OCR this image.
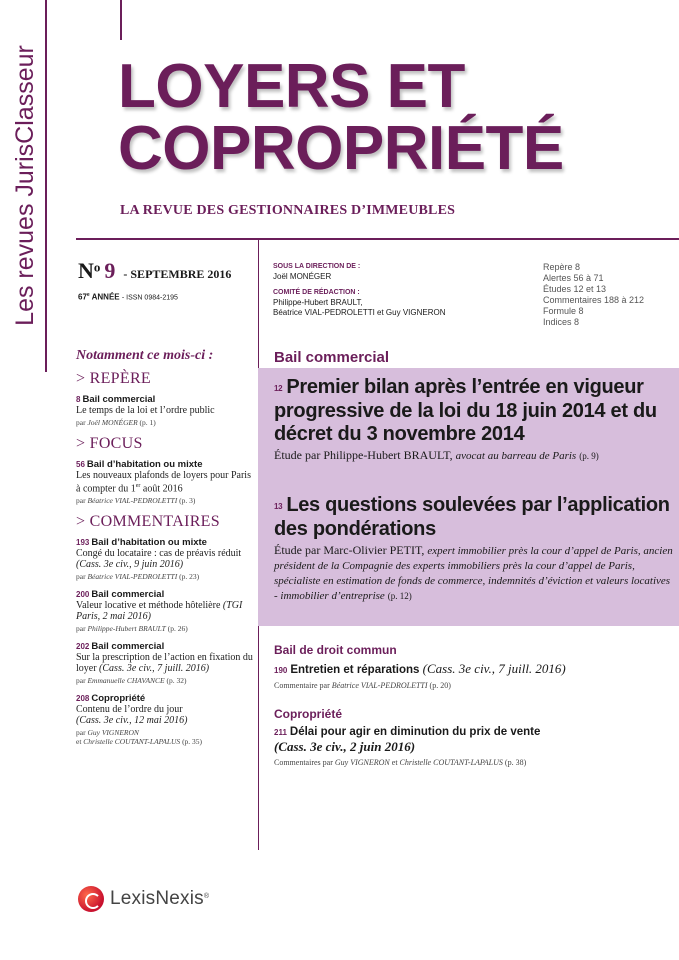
Les revues JurisClasseur LOYERS ET
COPROPRIÉTÉ
LA REVUE DES GESTIONNAIRES D’IMMEUBLES
$N^o$ 9 - SEPTEMBRE 2016
67e ANNÉE - ISSN 0984-2195
SOUS LA DIRECTION DE :
Joël MONÉGER
COMITÉ DE RÉDACTION :
Philippe-Hubert BRAULT,
Béatrice VIAL-PEDROLETTI et Guy VIGNERON
Repère 8
Alertes 56 à 71
Études 12 et 13
Commentaires 188 à 212
Formule 8
Indices 8
Notamment ce mois-ci :
> REPÈRE
8 Bail commercial
Le temps de la loi et l’ordre public
par Joël MONÉGER (p. 1)
> FOCUS
56 Bail d’habitation ou mixte
Les nouveaux plafonds de loyers pour Paris à compter du 1er août 2016
par Béatrice VIAL-PEDROLETTI (p. 3)
> COMMENTAIRES
193 Bail d’habitation ou mixte
Congé du locataire : cas de préavis réduit (Cass. 3e civ., 9 juin 2016)
par Béatrice VIAL-PEDROLETTI (p. 23)
200 Bail commercial
Valeur locative et méthode hôtelière (TGI Paris, 2 mai 2016)
par Philippe-Hubert BRAULT (p. 26)
202 Bail commercial
Sur la prescription de l’action en fixation du loyer (Cass. 3e civ., 7 juill. 2016)
par Emmanuelle CHAVANCE (p. 32)
208 Copropriété
Contenu de l’ordre du jour
(Cass. 3e civ., 12 mai 2016)
par Guy VIGNERON
et Christelle COUTANT-LAPALUS (p. 35)
Bail commercial
12 Premier bilan après l’entrée en vigueur progressive de la loi du 18 juin 2014 et du décret du 3 novembre 2014
Étude par Philippe-Hubert BRAULT, avocat au barreau de Paris (p. 9)
13 Les questions soulevées par l’application des pondérations
Étude par Marc-Olivier PETIT, expert immobilier près la cour d’appel de Paris, ancien président de la Compagnie des experts immobiliers près la cour d’appel de Paris, spécialiste en estimation de fonds de commerce, indemnités d’éviction et valeurs locatives - immobilier d’entreprise (p. 12)
Bail de droit commun
190 Entretien et réparations (Cass. 3e civ., 7 juill. 2016)
Commentaire par Béatrice VIAL-PEDROLETTI (p. 20)
Copropriété
211 Délai pour agir en diminution du prix de vente
(Cass. 3e civ., 2 juin 2016)
Commentaires par Guy VIGNERON et Christelle COUTANT-LAPALUS (p. 38)
LexisNexis®
